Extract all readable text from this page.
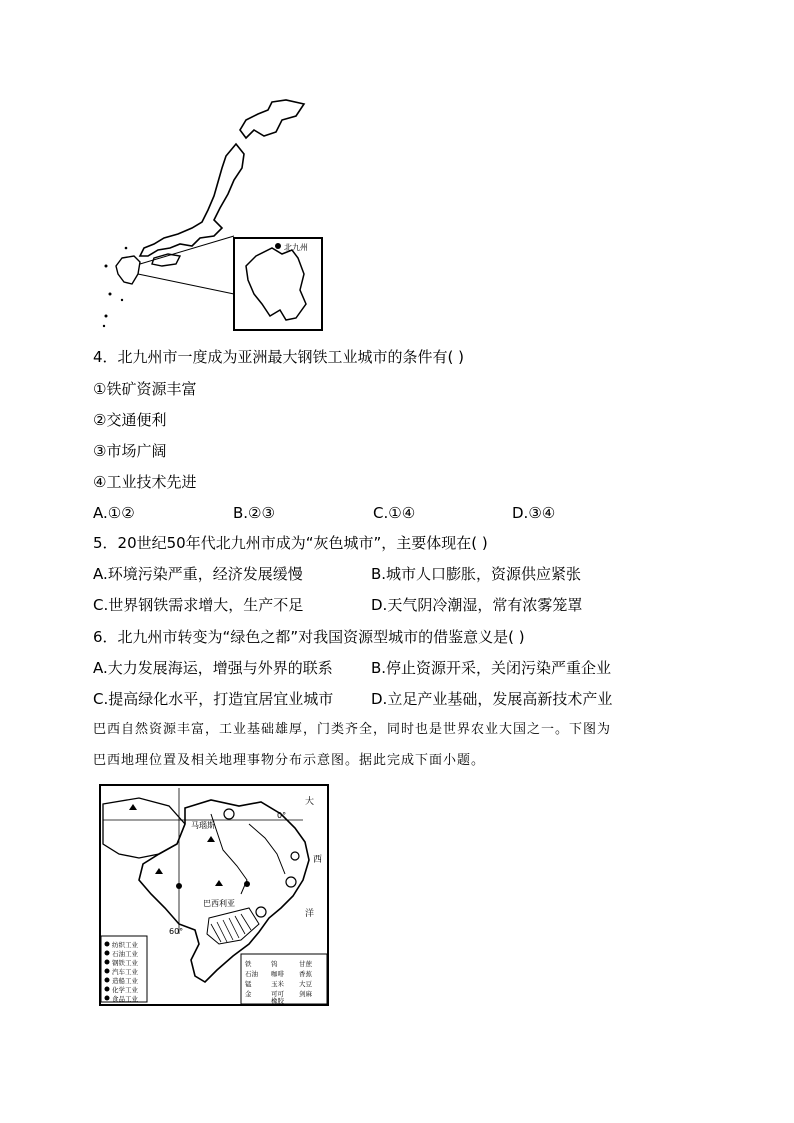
北九州
4．北九州市一度成为亚洲最大钢铁工业城市的条件有( )
①铁矿资源丰富
②交通便利
③市场广阔
④工业技术先进
A.①②	B.②③	C.①④	D.③④
5．20世纪50年代北九州市成为“灰色城市”，主要体现在( )
A.环境污染严重，经济发展缓慢	B.城市人口膨胀，资源供应紧张
C.世界钢铁需求增大，生产不足	D.天气阴冷潮湿，常有浓雾笼罩
6．北九州市转变为“绿色之都”对我国资源型城市的借鉴意义是( )
A.大力发展海运，增强与外界的联系	B.停止资源开采，关闭污染严重企业
C.提高绿化水平，打造宜居宜业城市	D.立足产业基础，发展高新技术产业
巴西自然资源丰富，工业基础雄厚，门类齐全，同时也是世界农业大国之一。下图为
巴西地理位置及相关地理事物分布示意图。据此完成下面小题。
马瑙斯
巴西利亚
0°
60°
大
西
洋
纺织工业
石油工业
钢铁工业
汽车工业
造船工业
化学工业
食品工业
铁
石油
锰
金
钨
咖啡
玉米
可可
橡胶
甘蔗
香蕉
大豆
剑麻
